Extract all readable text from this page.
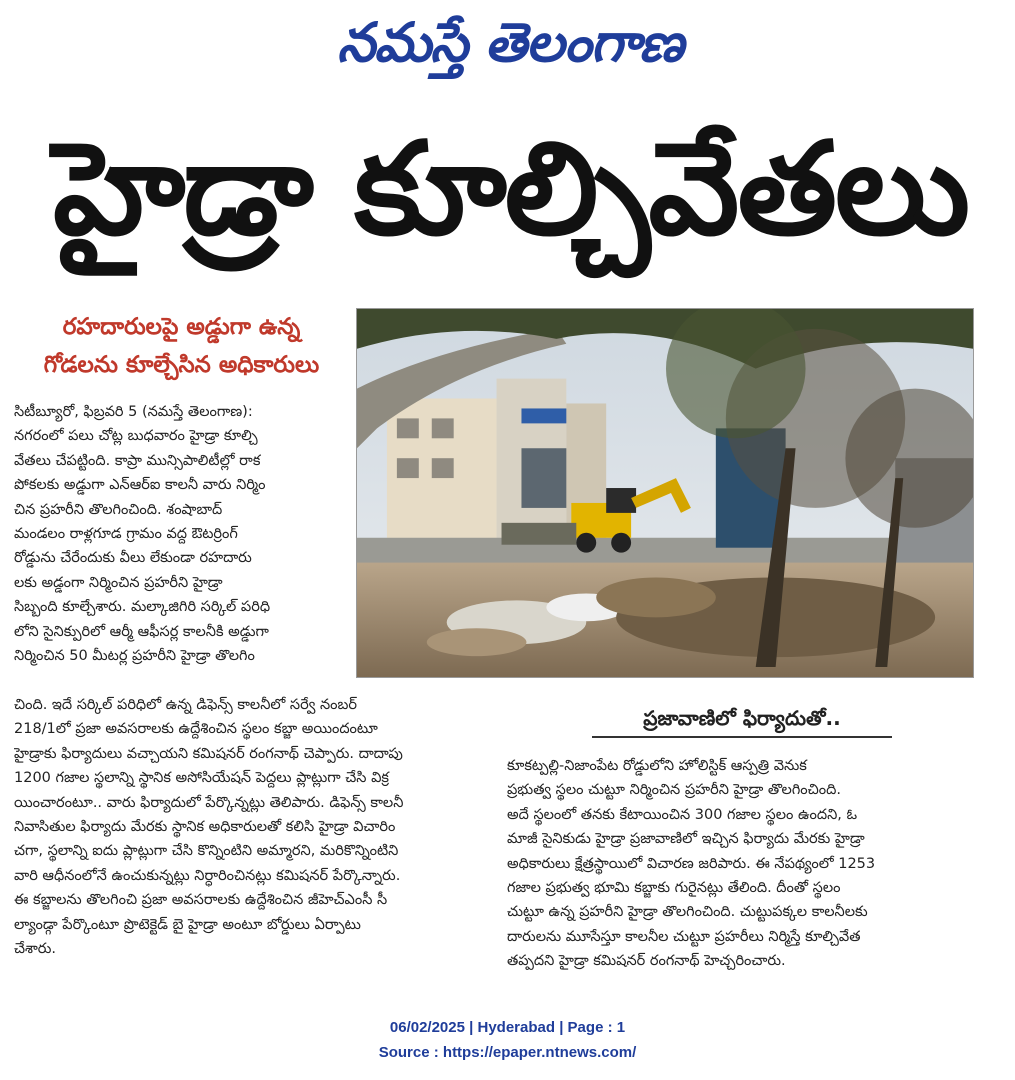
నమస్తే తెలంగాణ
హైడ్రా కూల్చివేతలు
రహదారులపై అడ్డుగా ఉన్న
గోడలను కూల్చేసిన అధికారులు
సిటీబ్యూరో, ఫిబ్రవరి 5 (నమస్తే తెలంగాణ):
నగరంలో పలు చోట్ల బుధవారం హైడ్రా కూల్చి
వేతలు చేపట్టింది. కాప్రా మున్సిపాలిటీల్లో రాక
పోకలకు అడ్డుగా ఎన్ఆర్ఐ కాలనీ వారు నిర్మిం
చిన ప్రహరీని తొలగించింది. శంషాబాద్
మండలం రాళ్లగూడ గ్రామం వద్ద ఔటర్రింగ్
రోడ్డును చేరేందుకు వీలు లేకుండా రహదారు
లకు అడ్డంగా నిర్మించిన ప్రహరీని హైడ్రా
సిబ్బంది కూల్చేశారు. మల్కాజిగిరి సర్కిల్ పరిధి
లోని సైనిక్పురిలో ఆర్మీ ఆఫీసర్ల కాలనీకి అడ్డుగా
నిర్మించిన 50 మీటర్ల ప్రహరీని హైడ్రా తొలగిం
చింది. ఇదే సర్కిల్ పరిధిలో ఉన్న డిఫెన్స్ కాలనీలో సర్వే నంబర్
218/1లో ప్రజా అవసరాలకు ఉద్దేశించిన స్థలం కబ్జా అయిందంటూ
హైడ్రాకు ఫిర్యాదులు వచ్చాయని కమిషనర్ రంగనాథ్ చెప్పారు. దాదాపు
1200 గజాల స్థలాన్ని స్థానిక అసోసియేషన్ పెద్దలు ప్లాట్లుగా చేసి విక్ర
యించారంటూ.. వారు ఫిర్యాదులో పేర్కొన్నట్లు తెలిపారు. డిఫెన్స్ కాలనీ
నివాసితుల ఫిర్యాదు మేరకు స్థానిక అధికారులతో కలిసి హైడ్రా విచారిం
చగా, స్థలాన్ని ఐదు ప్లాట్లుగా చేసి కొన్నింటిని అమ్మారని, మరికొన్నింటిని
వారి ఆధీనంలోనే ఉంచుకున్నట్లు నిర్ధారించినట్లు కమిషనర్ పేర్కొన్నారు.
ఈ కబ్జాలను తొలగించి ప్రజా అవసరాలకు ఉద్దేశించిన జీహెచ్ఎంసీ సీ
ల్యాండ్గా పేర్కొంటూ ప్రొటెక్టెడ్ బై హైడ్రా అంటూ బోర్డులు ఏర్పాటు
చేశారు.
ప్రజావాణిలో ఫిర్యాదుతో..
కూకట్పల్లి-నిజాంపేట రోడ్డులోని హోలిస్టిక్ ఆస్పత్రి వెనుక
ప్రభుత్వ స్థలం చుట్టూ నిర్మించిన ప్రహరీని హైడ్రా తొలగించింది.
అదే స్థలంలో తనకు కేటాయించిన 300 గజాల స్థలం ఉందని, ఓ
మాజీ సైనికుడు హైడ్రా ప్రజావాణిలో ఇచ్చిన ఫిర్యాదు మేరకు హైడ్రా
అధికారులు క్షేత్రస్థాయిలో విచారణ జరిపారు. ఈ నేపథ్యంలో 1253
గజాల ప్రభుత్వ భూమి కబ్జాకు గురైనట్లు తేలింది. దీంతో స్థలం
చుట్టూ ఉన్న ప్రహరీని హైడ్రా తొలగించింది. చుట్టుపక్కల కాలనీలకు
దారులను మూసేస్తూ కాలనీల చుట్టూ ప్రహరీలు నిర్మిస్తే కూల్చివేత
తప్పదని హైడ్రా కమిషనర్ రంగనాథ్ హెచ్చరించారు.
06/02/2025 | Hyderabad | Page : 1
Source : https://epaper.ntnews.com/
